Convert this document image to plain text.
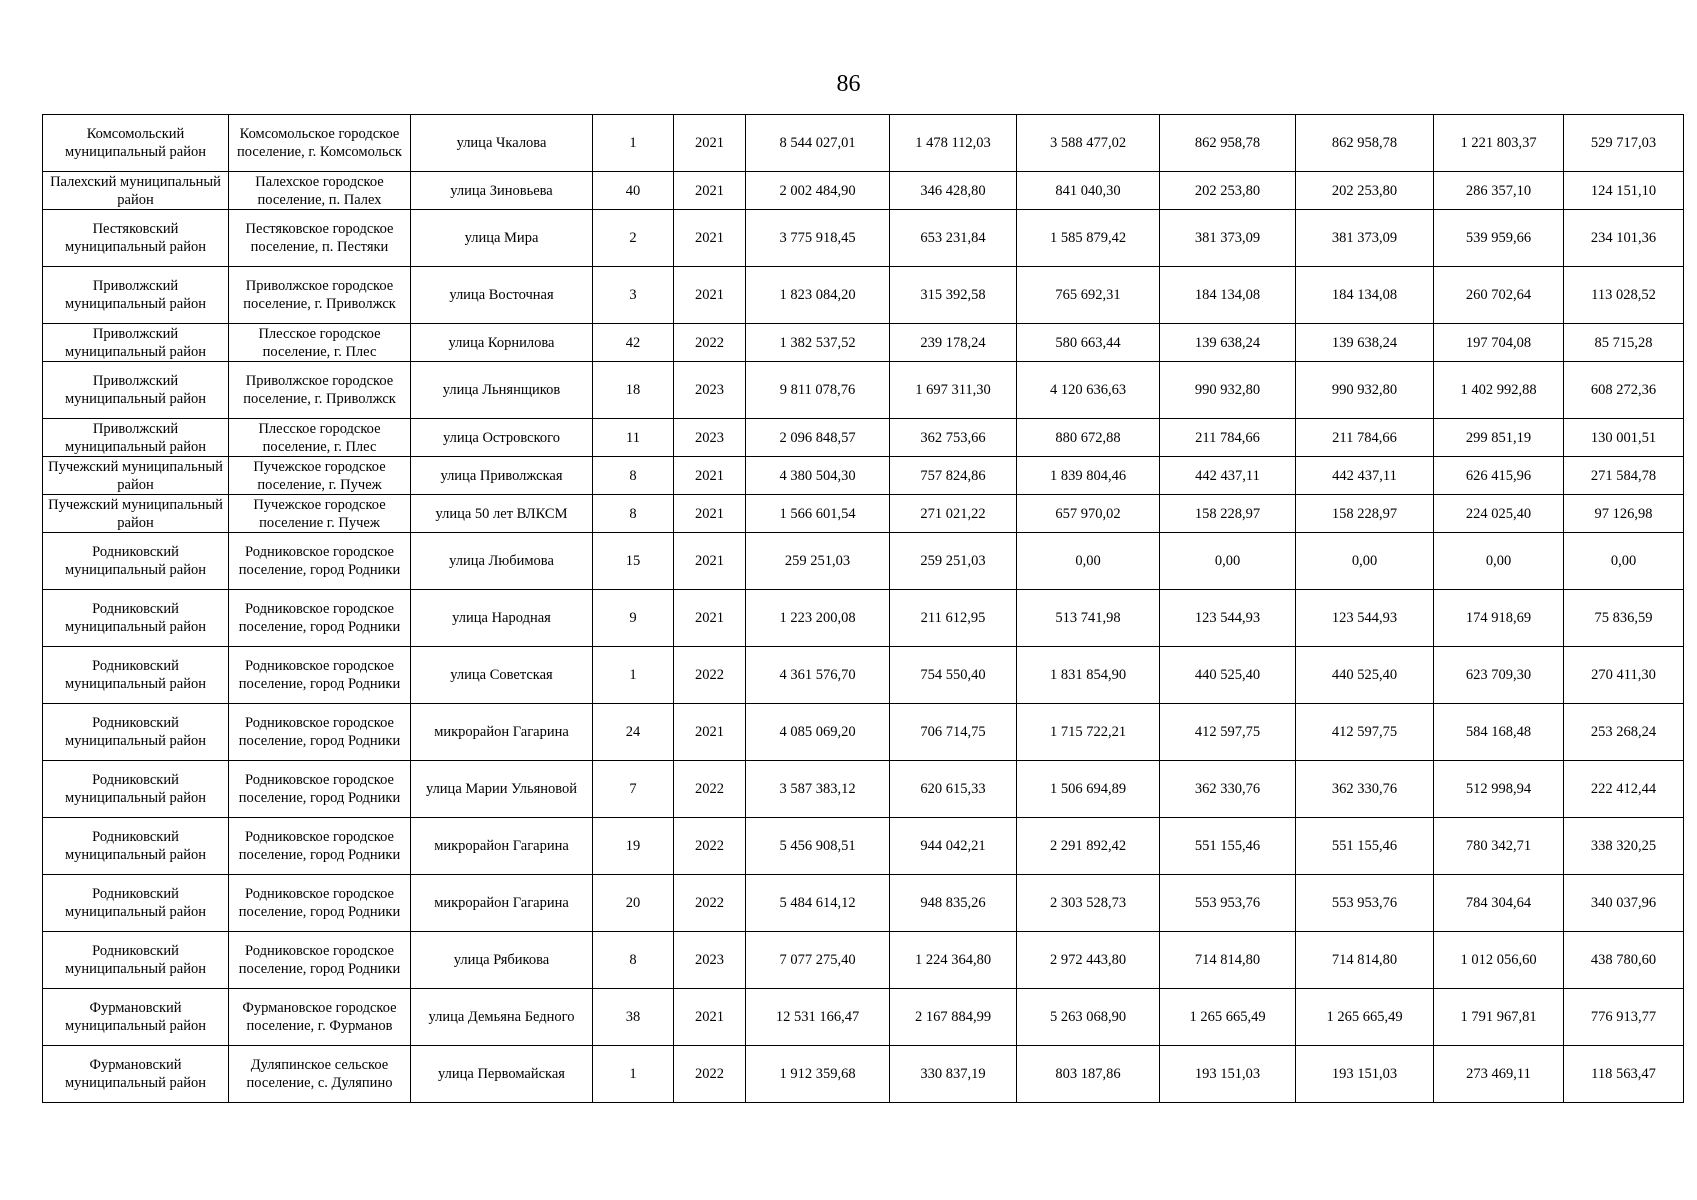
86
Комсомольский муниципальный район	Комсомольское городское поселение, г. Комсомольск	улица Чкалова	1	2021	8 544 027,01	1 478 112,03	3 588 477,02	862 958,78	862 958,78	1 221 803,37	529 717,03
Палехский муниципальный район	Палехское городское поселение, п. Палех	улица Зиновьева	40	2021	2 002 484,90	346 428,80	841 040,30	202 253,80	202 253,80	286 357,10	124 151,10
Пестяковский муниципальный район	Пестяковское городское поселение, п. Пестяки	улица Мира	2	2021	3 775 918,45	653 231,84	1 585 879,42	381 373,09	381 373,09	539 959,66	234 101,36
Приволжский муниципальный район	Приволжское городское поселение, г. Приволжск	улица Восточная	3	2021	1 823 084,20	315 392,58	765 692,31	184 134,08	184 134,08	260 702,64	113 028,52
Приволжский муниципальный район	Плесское городское поселение, г. Плес	улица Корнилова	42	2022	1 382 537,52	239 178,24	580 663,44	139 638,24	139 638,24	197 704,08	85 715,28
Приволжский муниципальный район	Приволжское городское поселение, г. Приволжск	улица Льнянщиков	18	2023	9 811 078,76	1 697 311,30	4 120 636,63	990 932,80	990 932,80	1 402 992,88	608 272,36
Приволжский муниципальный район	Плесское городское поселение, г. Плес	улица Островского	11	2023	2 096 848,57	362 753,66	880 672,88	211 784,66	211 784,66	299 851,19	130 001,51
Пучежский муниципальный район	Пучежское городское поселение, г. Пучеж	улица Приволжская	8	2021	4 380 504,30	757 824,86	1 839 804,46	442 437,11	442 437,11	626 415,96	271 584,78
Пучежский муниципальный район	Пучежское городское поселение г. Пучеж	улица 50 лет ВЛКСМ	8	2021	1 566 601,54	271 021,22	657 970,02	158 228,97	158 228,97	224 025,40	97 126,98
Родниковский муниципальный район	Родниковское городское поселение, город Родники	улица Любимова	15	2021	259 251,03	259 251,03	0,00	0,00	0,00	0,00	0,00
Родниковский муниципальный район	Родниковское городское поселение, город Родники	улица Народная	9	2021	1 223 200,08	211 612,95	513 741,98	123 544,93	123 544,93	174 918,69	75 836,59
Родниковский муниципальный район	Родниковское городское поселение, город Родники	улица Советская	1	2022	4 361 576,70	754 550,40	1 831 854,90	440 525,40	440 525,40	623 709,30	270 411,30
Родниковский муниципальный район	Родниковское городское поселение, город Родники	микрорайон Гагарина	24	2021	4 085 069,20	706 714,75	1 715 722,21	412 597,75	412 597,75	584 168,48	253 268,24
Родниковский муниципальный район	Родниковское городское поселение, город Родники	улица Марии Ульяновой	7	2022	3 587 383,12	620 615,33	1 506 694,89	362 330,76	362 330,76	512 998,94	222 412,44
Родниковский муниципальный район	Родниковское городское поселение, город Родники	микрорайон Гагарина	19	2022	5 456 908,51	944 042,21	2 291 892,42	551 155,46	551 155,46	780 342,71	338 320,25
Родниковский муниципальный район	Родниковское городское поселение, город Родники	микрорайон Гагарина	20	2022	5 484 614,12	948 835,26	2 303 528,73	553 953,76	553 953,76	784 304,64	340 037,96
Родниковский муниципальный район	Родниковское городское поселение, город Родники	улица Рябикова	8	2023	7 077 275,40	1 224 364,80	2 972 443,80	714 814,80	714 814,80	1 012 056,60	438 780,60
Фурмановский муниципальный район	Фурмановское городское поселение, г. Фурманов	улица Демьяна Бедного	38	2021	12 531 166,47	2 167 884,99	5 263 068,90	1 265 665,49	1 265 665,49	1 791 967,81	776 913,77
Фурмановский муниципальный район	Дуляпинское сельское поселение, с. Дуляпино	улица Первомайская	1	2022	1 912 359,68	330 837,19	803 187,86	193 151,03	193 151,03	273 469,11	118 563,47
